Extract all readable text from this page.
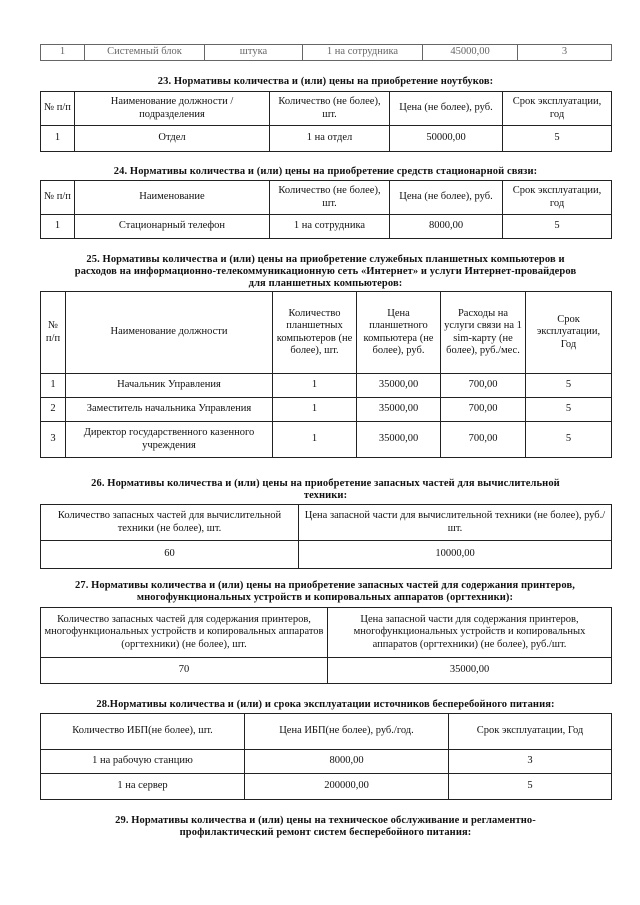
1	Системный блок	штука	1 на сотрудника	45000,00	3
23. Нормативы количества и (или) цены на приобретение ноутбуков:
№ п/п	Наименование должности /подразделения	Количество (не более), шт.	Цена (не более), руб.	Срок эксплуатации, год
1	Отдел	1 на отдел	50000,00	5
24. Нормативы количества и (или) цены на приобретение средств стационарной связи:
№ п/п	Наименование	Количество (не более), шт.	Цена (не более), руб.	Срок эксплуатации, год
1	Стационарный телефон	1 на сотрудника	8000,00	5
25. Нормативы количества и (или) цены на приобретение служебных планшетных компьютеров и
расходов на информационно-телекоммуникационную сеть «Интернет» и услуги Интернет-провайдеров
для планшетных компьютеров:
№ п/п	Наименование должности	Количество планшетных компьютеров (не более), шт.	Цена планшетного компьютера (не более), руб.	Расходы на услуги связи на 1 sim-карту (не более), руб./мес.	Срок эксплуатации, Год
1	Начальник Управления	1	35000,00	700,00	5
2	Заместитель начальника Управления	1	35000,00	700,00	5
3	Директор государственного казенного учреждения	1	35000,00	700,00	5
26. Нормативы количества и (или) цены на приобретение запасных частей для вычислительной
техники:
Количество запасных частей для вычислительной техники (не более), шт.	Цена запасной части для вычислительной техники (не более), руб./шт.
60	10000,00
27. Нормативы количества и (или) цены на приобретение запасных частей для содержания принтеров,
многофункциональных устройств и копировальных аппаратов (оргтехники):
Количество запасных частей для содержания принтеров, многофункциональных устройств и копировальных аппаратов (оргтехники) (не более), шт.	Цена запасной части для содержания принтеров, многофункциональных устройств и копировальных аппаратов (оргтехники) (не более), руб./шт.
70	35000,00
28.Нормативы количества и (или) и срока эксплуатации источников бесперебойного питания:
Количество ИБП(не более), шт.	Цена ИБП(не более), руб./год.	Срок эксплуатации, Год
1 на рабочую станцию	8000,00	3
1 на сервер	200000,00	5
29. Нормативы количества и (или) цены на техническое обслуживание и регламентно-
профилактический ремонт систем бесперебойного питания:
